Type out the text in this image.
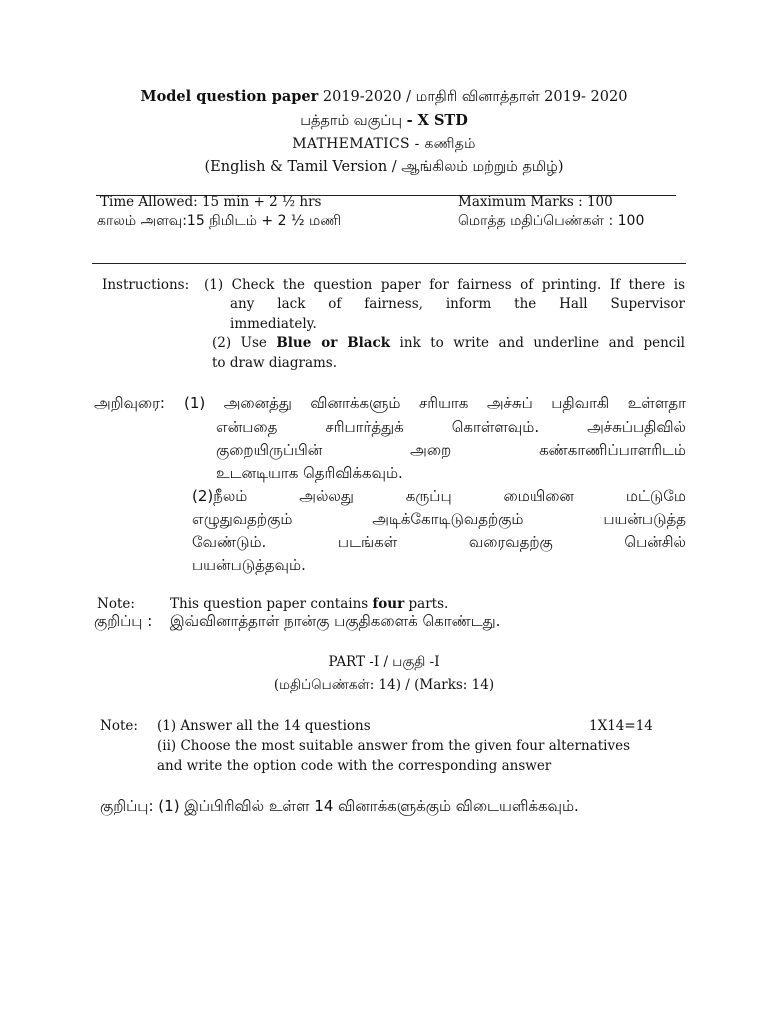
Model question paper 2019-2020 / மாதிரி வினாத்தாள் 2019- 2020
பத்தாம் வகுப்பு - X STD
MATHEMATICS - கணிதம்
(English & Tamil Version / ஆங்கிலம் மற்றும் தமிழ்)
Time Allowed: 15 min + 2 ½ hrs	Maximum Marks : 100
காலம் அளவு:15 நிமிடம் + 2 ½ மணி	மொத்த மதிப்பெண்கள் : 100
Instructions: (1) Check the question paper for fairness of printing. If there is
any lack of fairness, inform the Hall Supervisor
immediately.
(2) Use Blue or Black ink to write and underline and pencil
to draw diagrams.
அறிவுரை: (1) அனைத்து வினாக்களும் சரியாக அச்சுப் பதிவாகி உள்ளதா
என்பதை சரிபார்த்துக் கொள்ளவும். அச்சுப்பதிவில்
குறையிருப்பின் அறை கண்காணிப்பாளரிடம்
உடனடியாக தெரிவிக்கவும்.
(2)நீலம் அல்லது கருப்பு மையினை மட்டுமே
எழுதுவதற்கும் அடிக்கோடிடுவதற்கும் பயன்படுத்த
வேண்டும். படங்கள் வரைவதற்கு பென்சில்
பயன்படுத்தவும்.
Note:	This question paper contains four parts.
குறிப்பு : இவ்வினாத்தாள் நான்கு பகுதிகளைக் கொண்டது.
PART -I / பகுதி -I
(மதிப்பெண்கள்: 14) / (Marks: 14)
Note: (1) Answer all the 14 questions	1X14=14
(ii) Choose the most suitable answer from the given four alternatives
and write the option code with the corresponding answer
குறிப்பு: (1) இப்பிரிவில் உள்ள 14 வினாக்களுக்கும் விடையளிக்கவும்.
